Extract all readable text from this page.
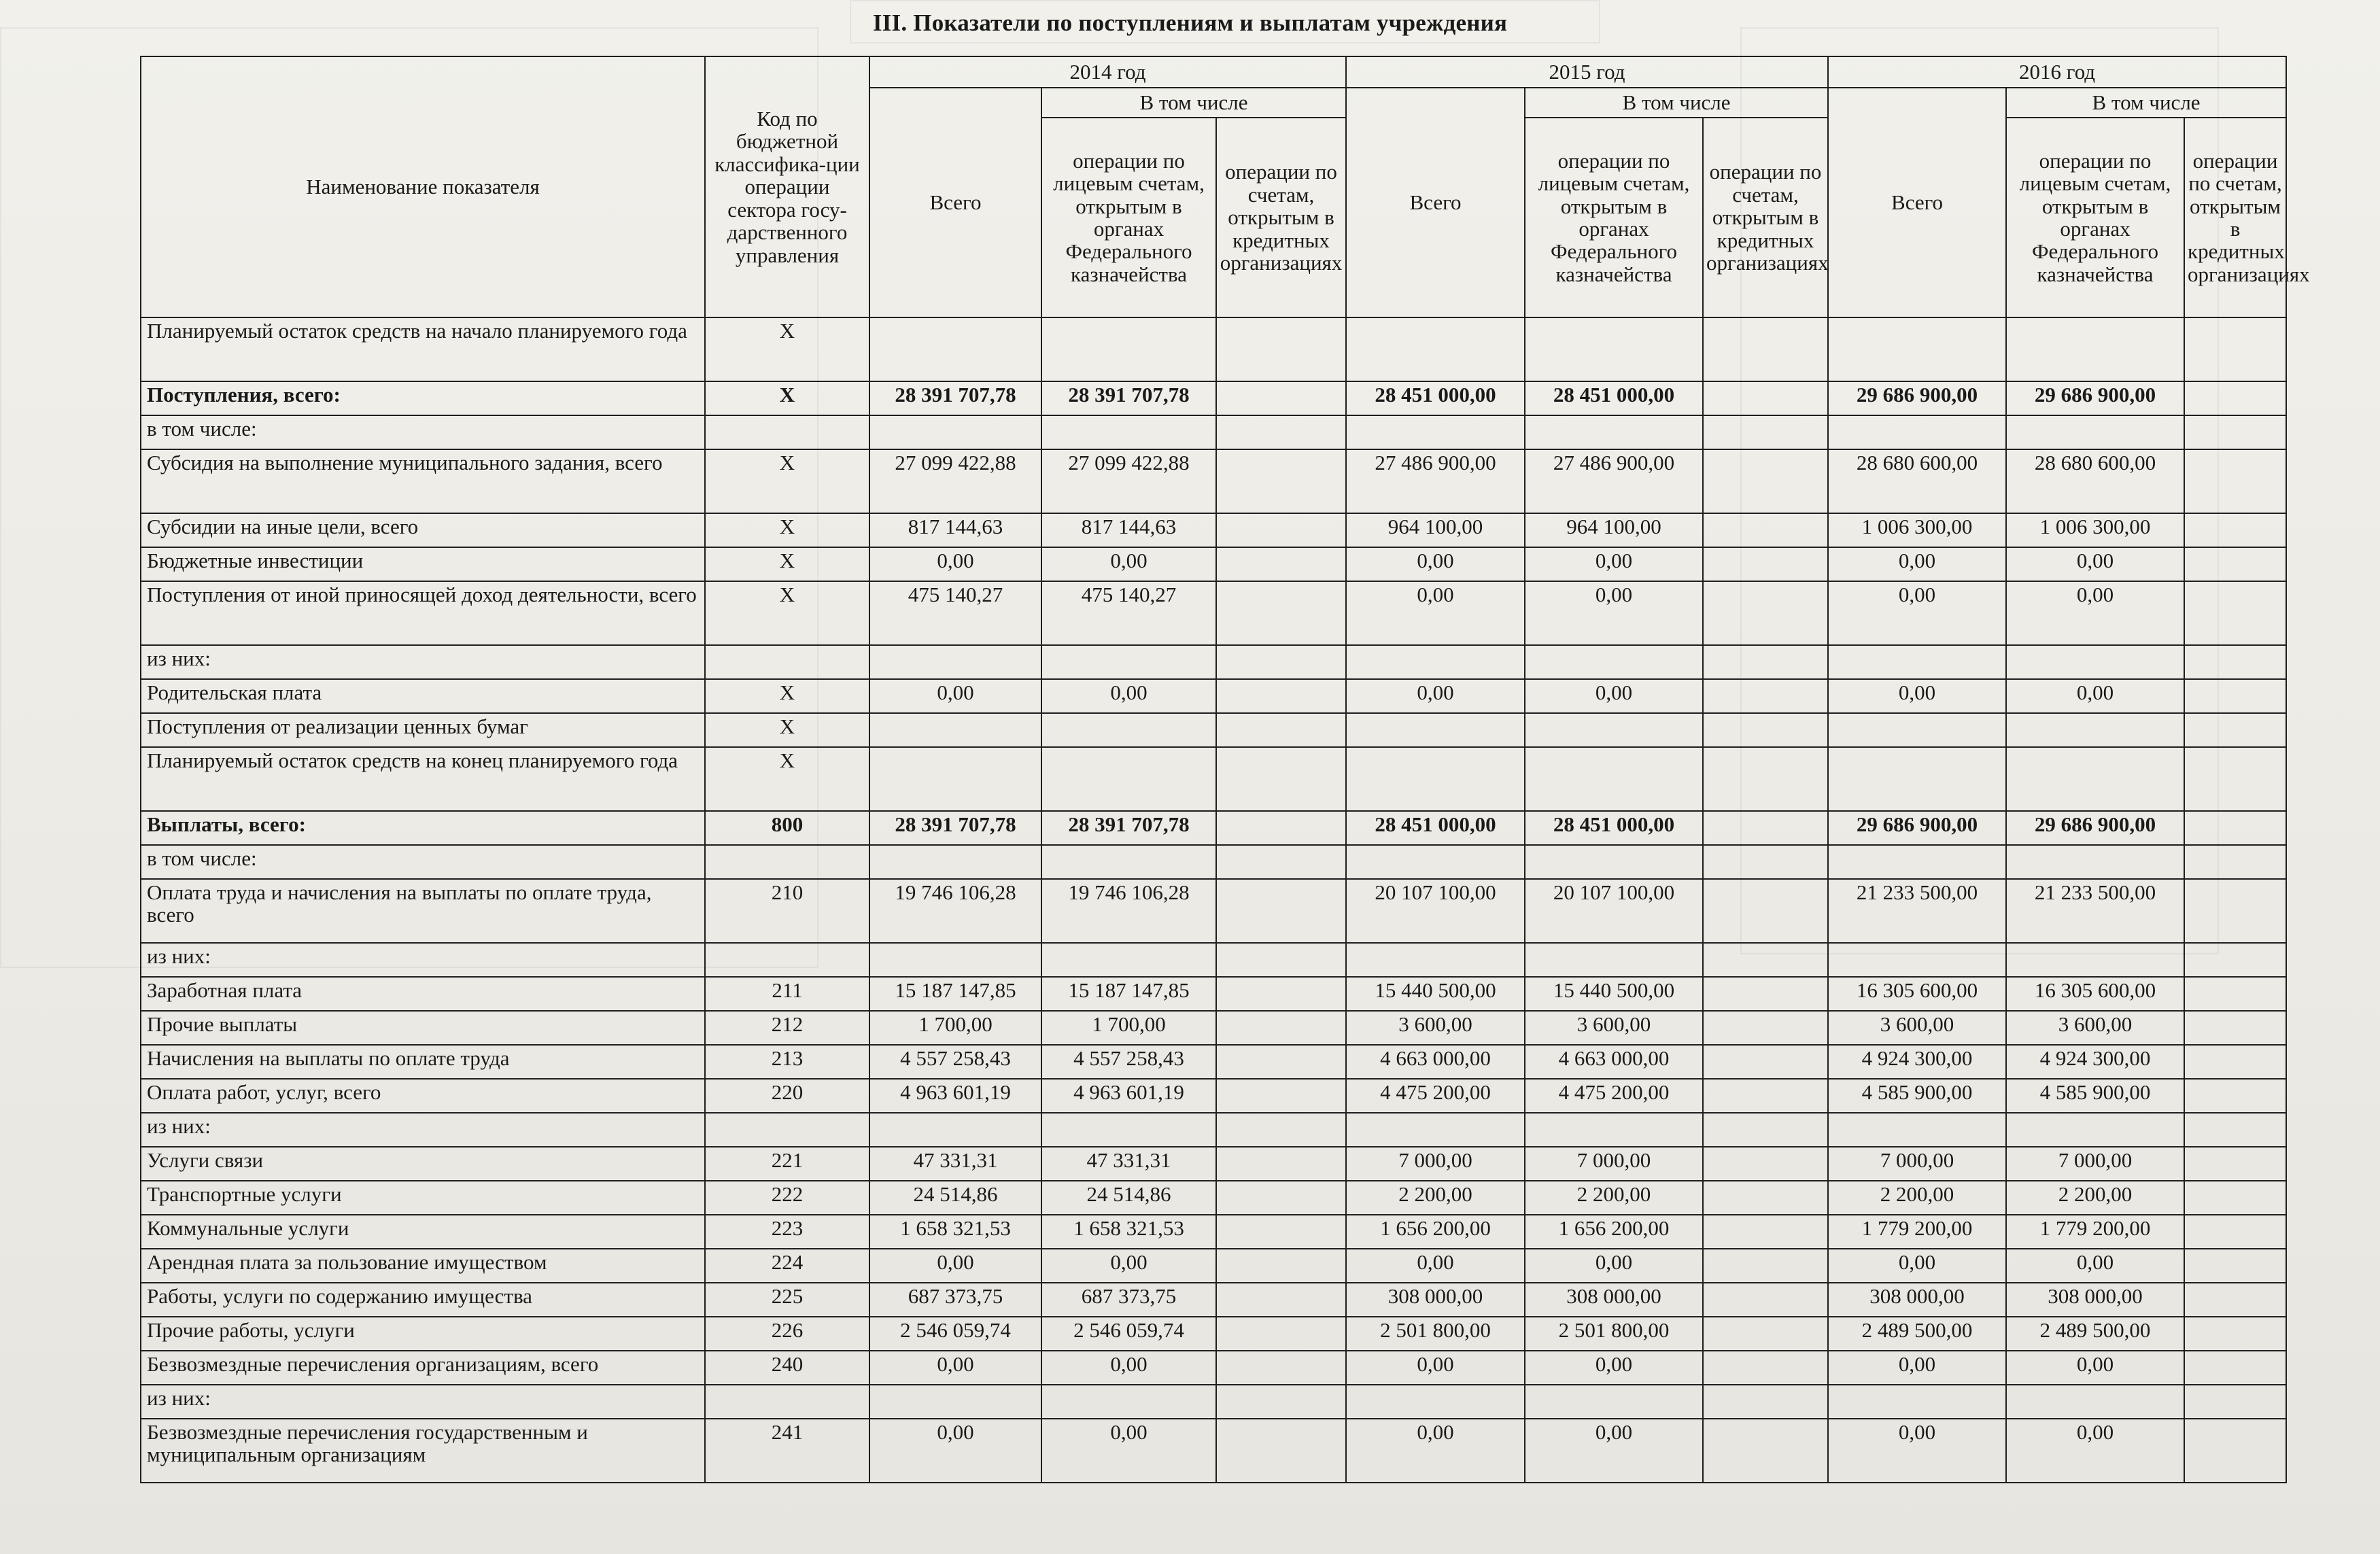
III. Показатели по поступлениям и выплатам учреждения
Наименование показателя	Код по бюджетной классифика-ции операции сектора госу-дарственного управления	2014 год			2015 год			2016 год		
		Всего	В том числе		Всего	В том числе		Всего	В том числе	
			операции по лицевым счетам, открытым в органах Федерального казначейства	операции по счетам, открытым в кредитных организациях		операции по лицевым счетам, открытым в органах Федерального казначейства	операции по счетам, открытым в кредитных организациях		операции по лицевым счетам, открытым в органах Федерального казначейства	операции по счетам, открытым в кредитных организациях
Планируемый остаток средств на начало планируемого года	Х									
Поступления, всего:	Х	28 391 707,78	28 391 707,78		28 451 000,00	28 451 000,00		29 686 900,00	29 686 900,00	
в том числе:										
Субсидия на выполнение муниципального задания, всего	Х	27 099 422,88	27 099 422,88		27 486 900,00	27 486 900,00		28 680 600,00	28 680 600,00	
Субсидии на иные цели, всего	Х	817 144,63	817 144,63		964 100,00	964 100,00		1 006 300,00	1 006 300,00	
Бюджетные инвестиции	Х	0,00	0,00		0,00	0,00		0,00	0,00	
Поступления от иной приносящей доход деятельности, всего	Х	475 140,27	475 140,27		0,00	0,00		0,00	0,00	
из них:										
Родительская плата	Х	0,00	0,00		0,00	0,00		0,00	0,00	
Поступления от реализации ценных бумаг	Х									
Планируемый остаток средств на конец планируемого года	Х									
Выплаты, всего:	800	28 391 707,78	28 391 707,78		28 451 000,00	28 451 000,00		29 686 900,00	29 686 900,00	
в том числе:										
Оплата труда и начисления на выплаты по оплате труда, всего	210	19 746 106,28	19 746 106,28		20 107 100,00	20 107 100,00		21 233 500,00	21 233 500,00	
из них:										
Заработная плата	211	15 187 147,85	15 187 147,85		15 440 500,00	15 440 500,00		16 305 600,00	16 305 600,00	
Прочие выплаты	212	1 700,00	1 700,00		3 600,00	3 600,00		3 600,00	3 600,00	
Начисления на выплаты по оплате труда	213	4 557 258,43	4 557 258,43		4 663 000,00	4 663 000,00		4 924 300,00	4 924 300,00	
Оплата работ, услуг, всего	220	4 963 601,19	4 963 601,19		4 475 200,00	4 475 200,00		4 585 900,00	4 585 900,00	
из них:										
Услуги связи	221	47 331,31	47 331,31		7 000,00	7 000,00		7 000,00	7 000,00	
Транспортные услуги	222	24 514,86	24 514,86		2 200,00	2 200,00		2 200,00	2 200,00	
Коммунальные услуги	223	1 658 321,53	1 658 321,53		1 656 200,00	1 656 200,00		1 779 200,00	1 779 200,00	
Арендная плата за пользование имуществом	224	0,00	0,00		0,00	0,00		0,00	0,00	
Работы, услуги по содержанию имущества	225	687 373,75	687 373,75		308 000,00	308 000,00		308 000,00	308 000,00	
Прочие работы, услуги	226	2 546 059,74	2 546 059,74		2 501 800,00	2 501 800,00		2 489 500,00	2 489 500,00	
Безвозмездные перечисления организациям, всего	240	0,00	0,00		0,00	0,00		0,00	0,00	
из них:										
Безвозмездные перечисления государственным и муниципальным организациям	241	0,00	0,00		0,00	0,00		0,00	0,00	
